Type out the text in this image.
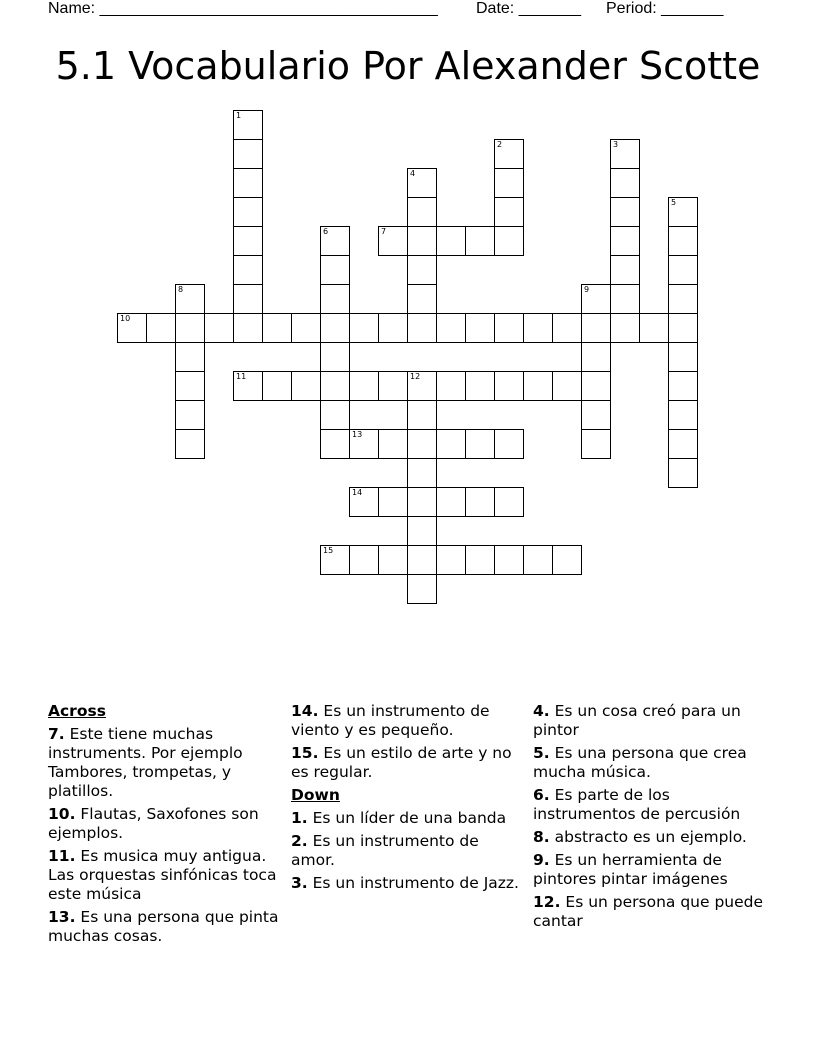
Name: ______________________________________ Date: _______ Period: _______
5.1 Vocabulario Por Alexander Scotte
1
2	3
4
5
6	7
8	9
10
11	12
13
14
15
Across
7. Este tiene muchas instruments. Por ejemplo Tambores, trompetas, y platillos.
10. Flautas, Saxofones son ejemplos.
11. Es musica muy antigua. Las orquestas sinfónicas toca este música
13. Es una persona que pinta muchas cosas.
14. Es un instrumento de viento y es pequeño.
15. Es un estilo de arte y no es regular.
Down
1. Es un líder de una banda
2. Es un instrumento de amor.
3. Es un instrumento de Jazz.
4. Es un cosa creó para un pintor
5. Es una persona que crea mucha música.
6. Es parte de los instrumentos de percusión
8. abstracto es un ejemplo.
9. Es un herramienta de pintores pintar imágenes
12. Es un persona que puede cantar
